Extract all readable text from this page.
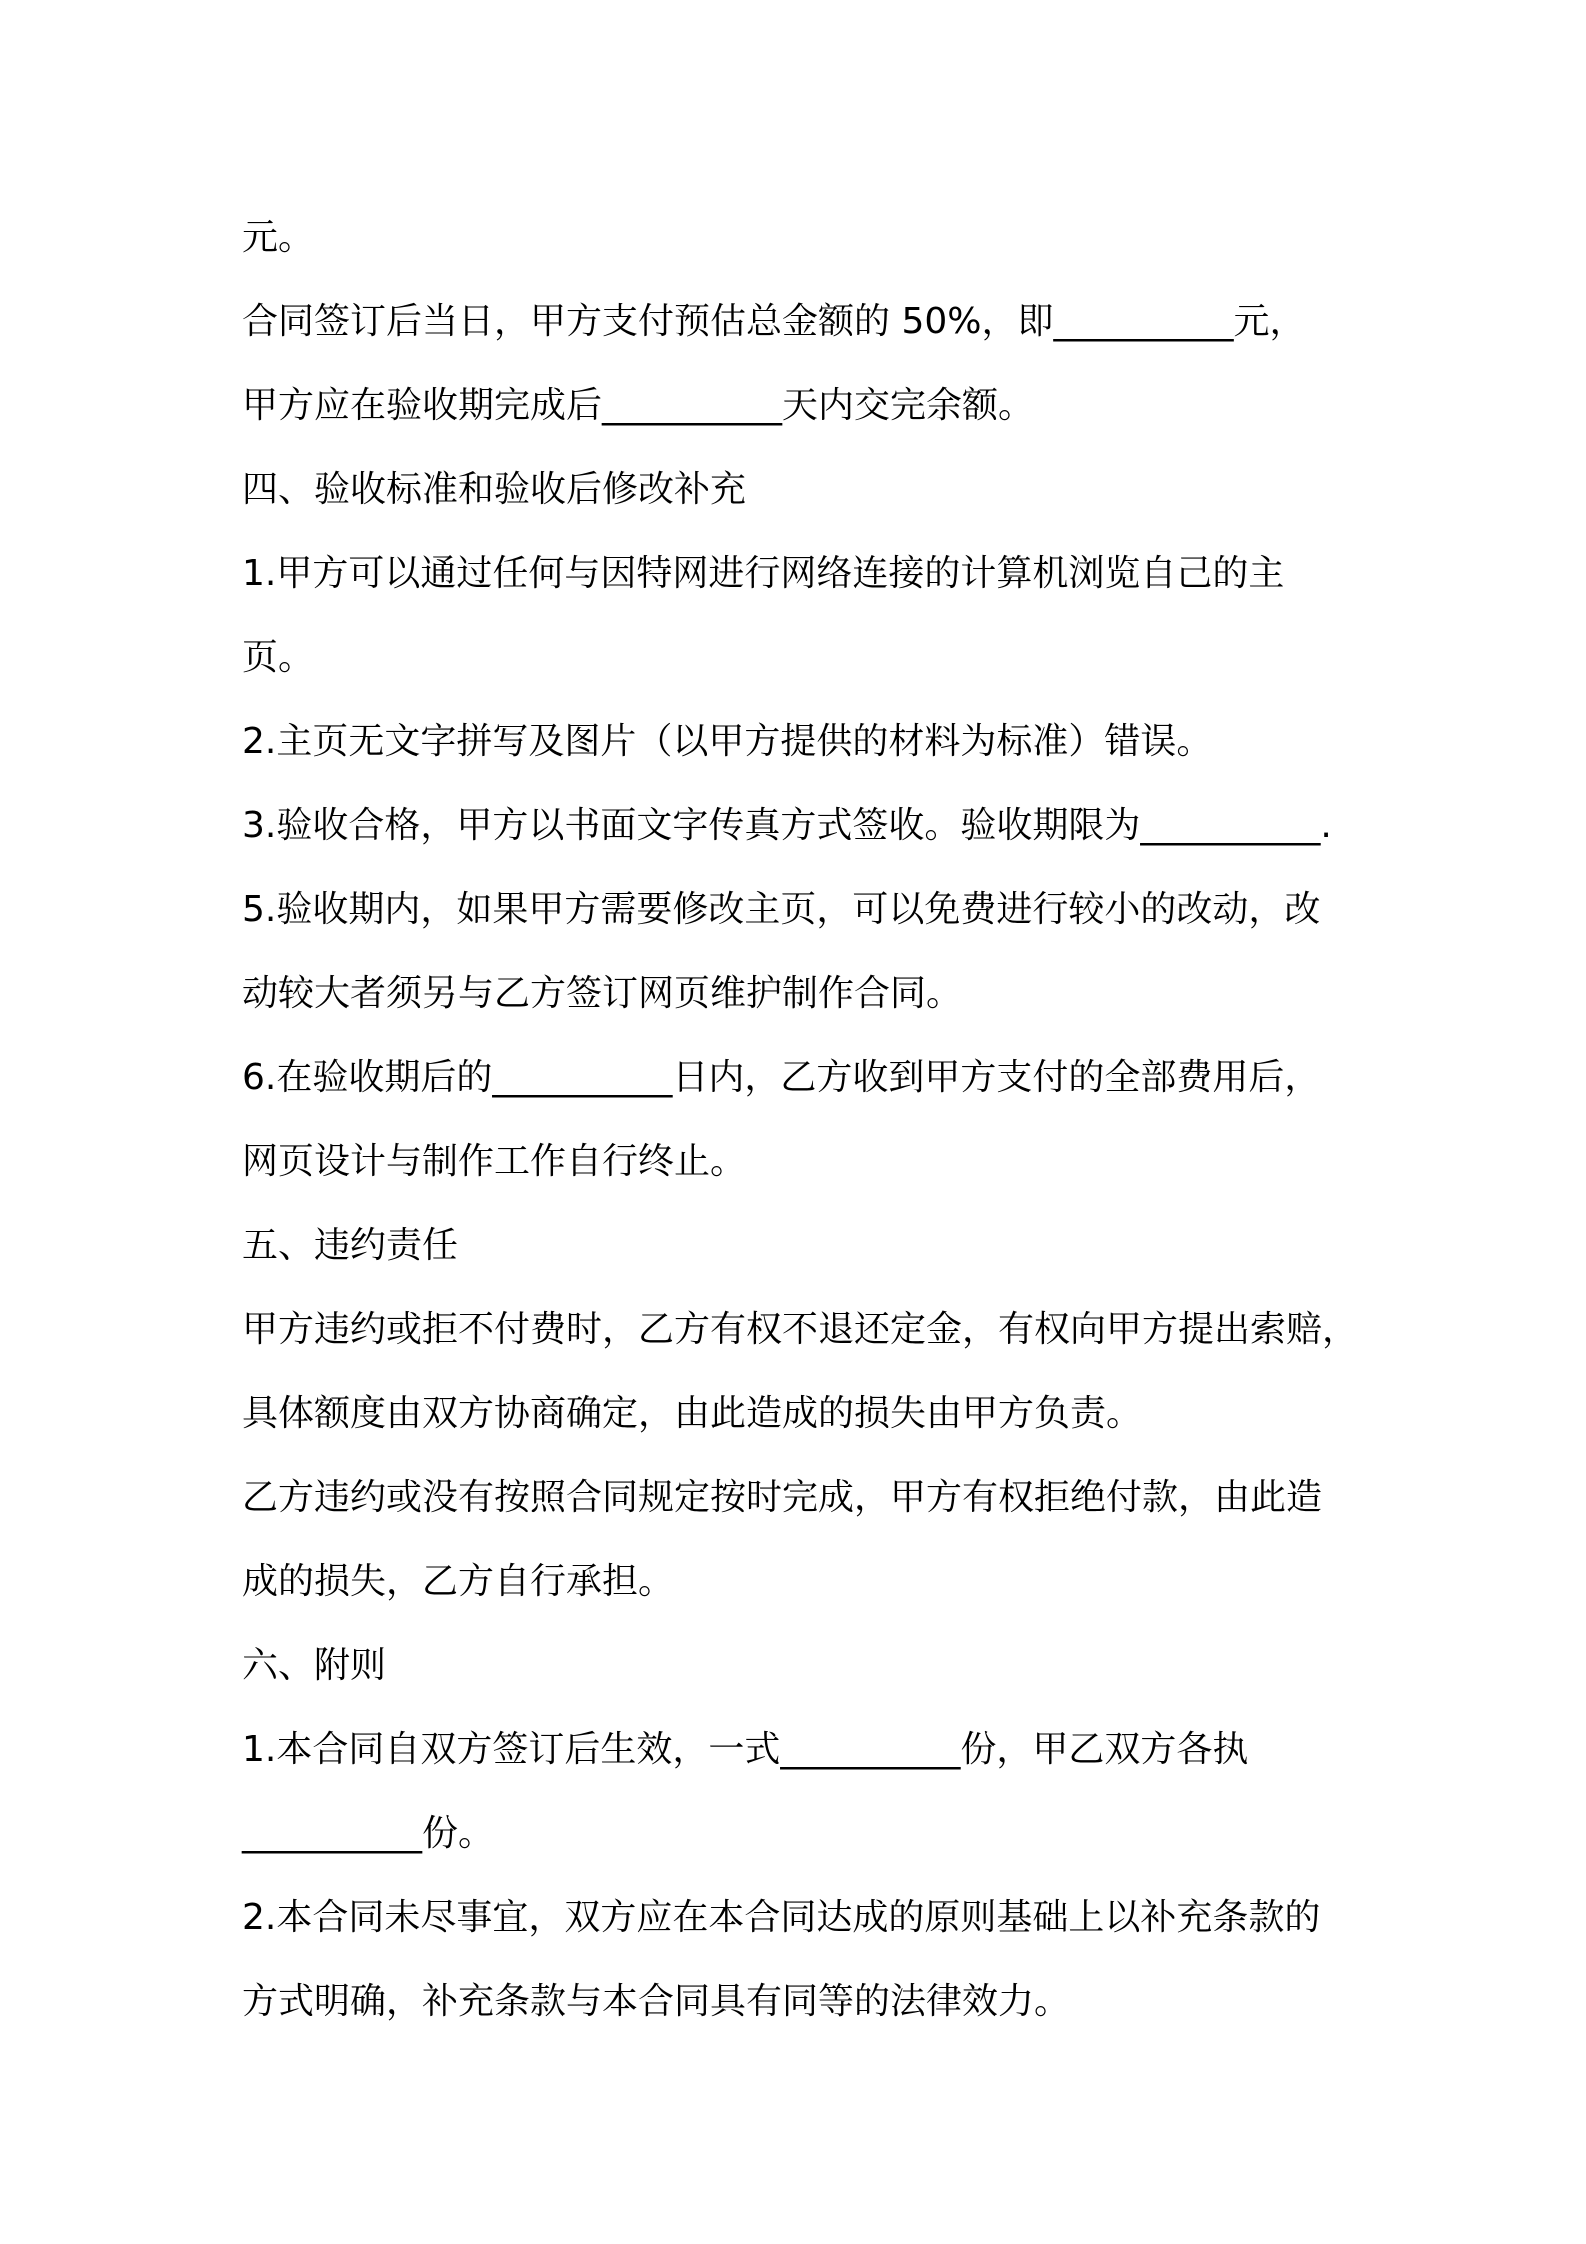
元。
合同签订后当日，甲方支付预估总金额的 50%，即__________元，
甲方应在验收期完成后__________天内交完余额。
四、验收标准和验收后修改补充
1.甲方可以通过任何与因特网进行网络连接的计算机浏览自己的主
页。
2.主页无文字拼写及图片（以甲方提供的材料为标准）错误。
3.验收合格，甲方以书面文字传真方式签收。验收期限为__________.
5.验收期内，如果甲方需要修改主页，可以免费进行较小的改动，改
动较大者须另与乙方签订网页维护制作合同。
6.在验收期后的__________日内，乙方收到甲方支付的全部费用后，
网页设计与制作工作自行终止。
五、违约责任
甲方违约或拒不付费时，乙方有权不退还定金，有权向甲方提出索赔，
具体额度由双方协商确定，由此造成的损失由甲方负责。
乙方违约或没有按照合同规定按时完成，甲方有权拒绝付款，由此造
成的损失，乙方自行承担。
六、附则
1.本合同自双方签订后生效，一式__________份，甲乙双方各执
__________份。
2.本合同未尽事宜，双方应在本合同达成的原则基础上以补充条款的
方式明确，补充条款与本合同具有同等的法律效力。
